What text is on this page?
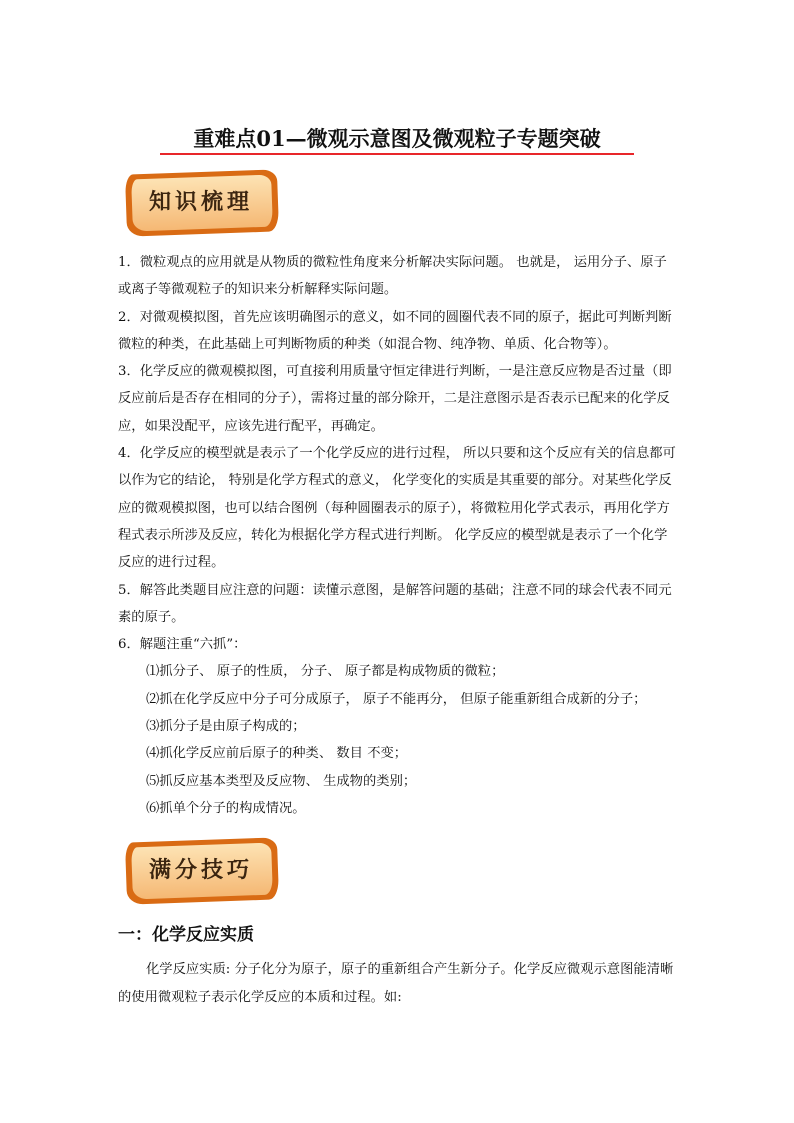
重难点01—微观示意图及微观粒子专题突破
知识梳理

1．微粒观点的应用就是从物质的微粒性角度来分析解决实际问题。 也就是， 运用分子、原子或离子等微观粒子的知识来分析解释实际问题。

2．对微观模拟图，首先应该明确图示的意义，如不同的圆圈代表不同的原子，据此可判断判断微粒的种类，在此基础上可判断物质的种类（如混合物、纯净物、单质、化合物等）。

3．化学反应的微观模拟图，可直接利用质量守恒定律进行判断，一是注意反应物是否过量（即反应前后是否存在相同的分子），需将过量的部分除开，二是注意图示是否表示已配来的化学反应，如果没配平，应该先进行配平，再确定。

4．化学反应的模型就是表示了一个化学反应的进行过程， 所以只要和这个反应有关的信息都可以作为它的结论， 特别是化学方程式的意义， 化学变化的实质是其重要的部分。对某些化学反应的微观模拟图，也可以结合图例（每种圆圈表示的原子），将微粒用化学式表示，再用化学方程式表示所涉及反应，转化为根据化学方程式进行判断。 化学反应的模型就是表示了一个化学反应的进行过程。

5．解答此类题目应注意的问题：读懂示意图，是解答问题的基础；注意不同的球会代表不同元素的原子。

6．解题注重“六抓”：

⑴抓分子、 原子的性质， 分子、 原子都是构成物质的微粒；

⑵抓在化学反应中分子可分成原子， 原子不能再分， 但原子能重新组合成新的分子；

⑶抓分子是由原子构成的；

⑷抓化学反应前后原子的种类、 数目 不变；

⑸抓反应基本类型及反应物、 生成物的类别；

⑹抓单个分子的构成情况。

满分技巧
一：化学反应实质

化学反应实质: 分子化分为原子，原子的重新组合产生新分子。化学反应微观示意图能清晰的使用微观粒子表示化学反应的本质和过程。如:
